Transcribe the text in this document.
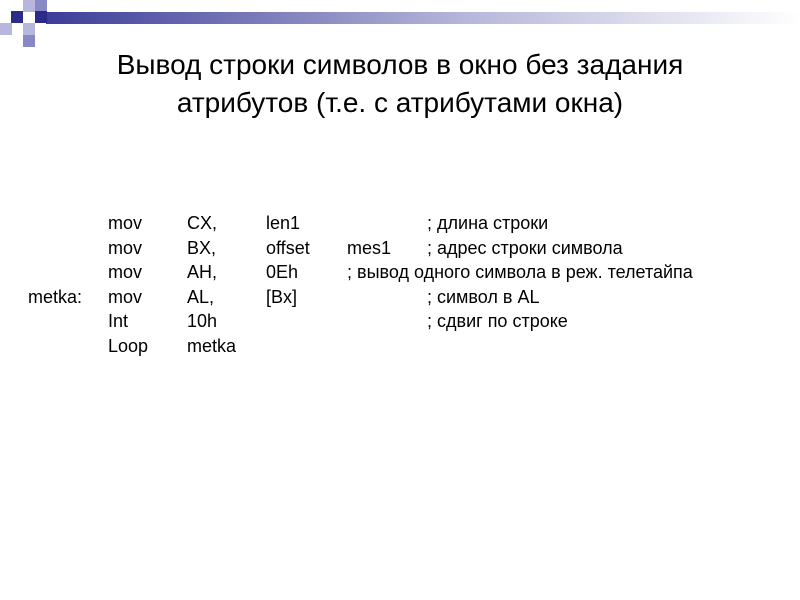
Вывод строки символов в окно без задания
атрибутов (т.е. с атрибутами окна)
mov CX,	len1	; длина строки
mov BX,	offset mes1 ; адрес строки символа
mov AH,	0Eh	; вывод одного символа в реж. телетайпа
metka: mov AL,	[Bx]	; символ в AL
Int	10h	; сдвиг по строке
Loop metka
